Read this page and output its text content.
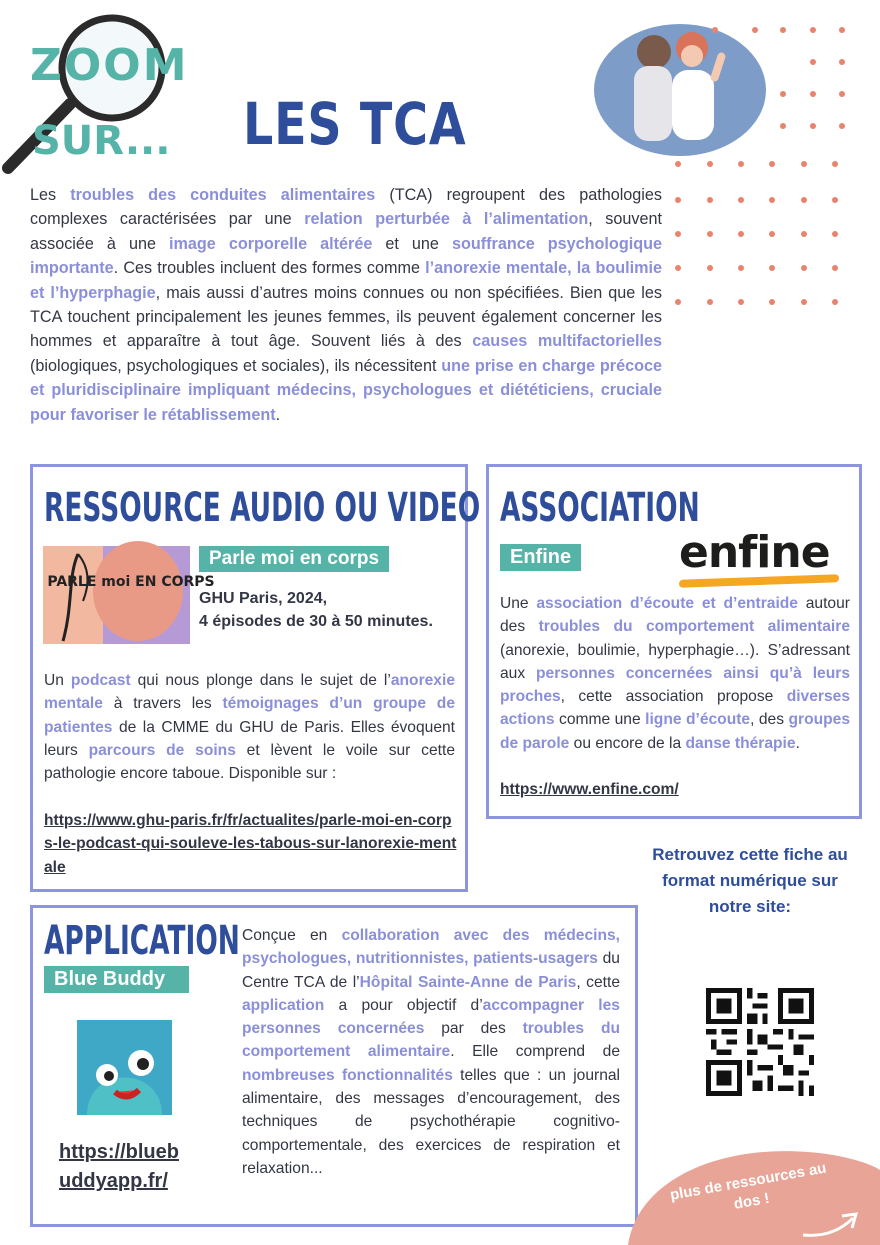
ZOOM
SUR... LES TCA

Les troubles des conduites alimentaires (TCA) regroupent des pathologies complexes caractérisées par une relation perturbée à l’alimentation, souvent associée à une image corporelle altérée et une souffrance psychologique importante. Ces troubles incluent des formes comme l’anorexie mentale, la boulimie et l’hyperphagie, mais aussi d’autres moins connues ou non spécifiées. Bien que les TCA touchent principalement les jeunes femmes, ils peuvent également concerner les hommes et apparaître à tout âge. Souvent liés à des causes multifactorielles (biologiques, psychologiques et sociales), ils nécessitent une prise en charge précoce et pluridisciplinaire impliquant médecins, psychologues et diététiciens, cruciale pour favoriser le rétablissement.

RESSOURCE AUDIO OU VIDEO
PARLE moi EN CORPS
Parle moi en corps
GHU Paris, 2024,
4 épisodes de 30 à 50 minutes.

Un podcast qui nous plonge dans le sujet de l’anorexie mentale à travers les témoignages d’un groupe de patientes de la CMME du GHU de Paris. Elles évoquent leurs parcours de soins et lèvent le voile sur cette pathologie encore taboue. Disponible sur :

https://www.ghu-paris.fr/fr/actualites/parle-moi-en-corps-le-podcast-qui-souleve-les-tabous-sur-lanorexie-mentale
ASSOCIATION
Enfine enfine

Une association d’écoute et d’entraide autour des troubles du comportement alimentaire (anorexie, boulimie, hyperphagie…). S’adressant aux personnes concernées ainsi qu’à leurs proches, cette association propose diverses actions comme une ligne d’écoute, des groupes de parole ou encore de la danse thérapie.

https://www.enfine.com/
APPLICATION
Blue Buddy
https://bluebuddyapp.fr/

Conçue en collaboration avec des médecins, psychologues, nutritionnistes, patients-usagers du Centre TCA de l’Hôpital Sainte-Anne de Paris, cette application a pour objectif d’accompagner les personnes concernées par des troubles du comportement alimentaire. Elle comprend de nombreuses fonctionnalités telles que : un journal alimentaire, des messages d’encouragement, des techniques de psychothérapie cognitivo-comportementale, des exercices de respiration et relaxation...

Retrouvez cette fiche au format numérique sur notre site:
plus de ressources au dos !
